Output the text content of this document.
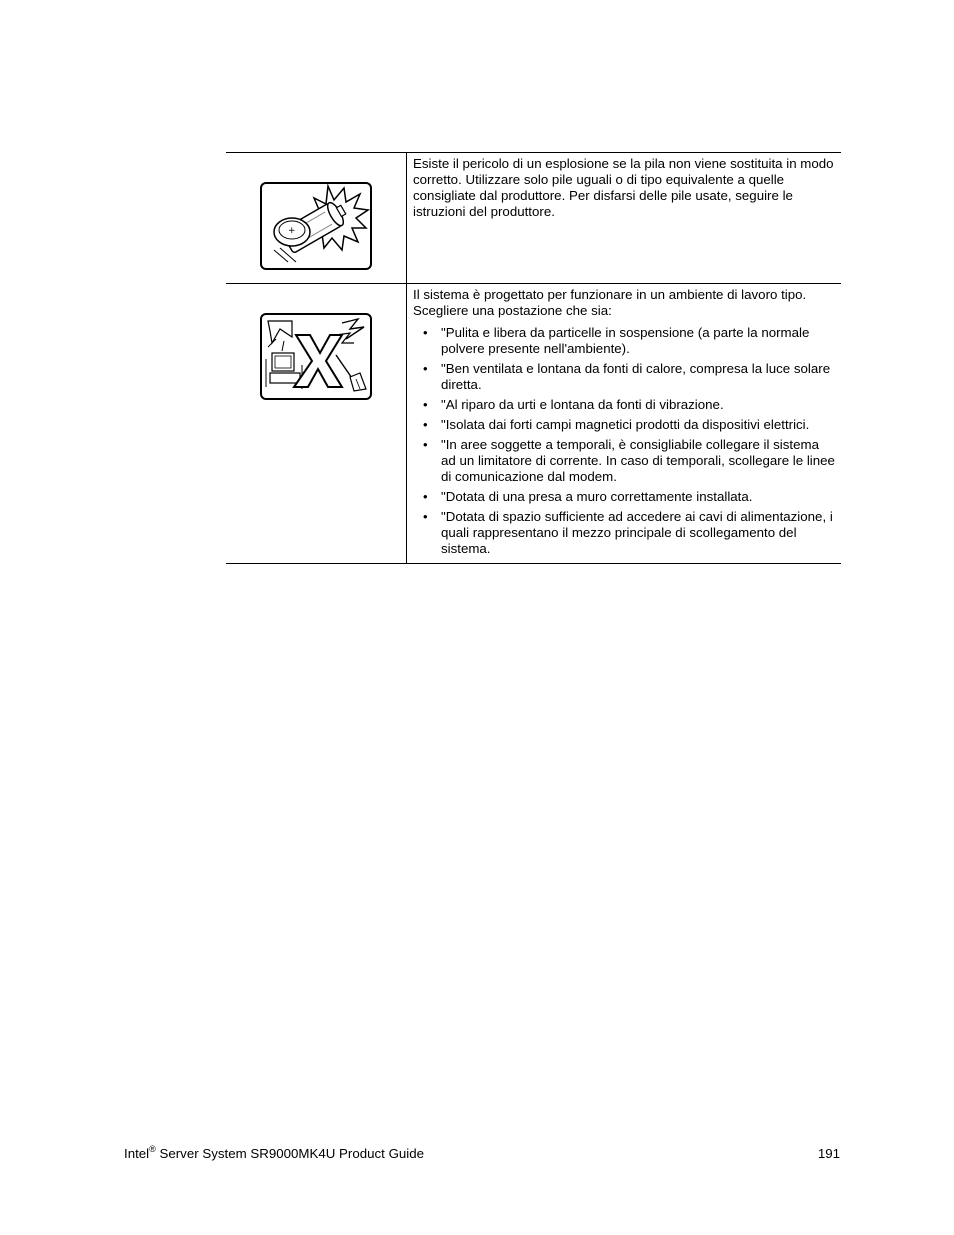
+

Esiste il pericolo di un esplosione se la pila non viene sostituita in modo corretto. Utilizzare solo pile uguali o di tipo equivalente a quelle consigliate dal produttore. Per disfarsi delle pile usate, seguire le istruzioni del produttore.

Il sistema è progettato per funzionare in un ambiente di lavoro tipo. Scegliere una postazione che sia:

• "Pulita e libera da particelle in sospensione (a parte la normale polvere presente nell'ambiente).
• "Ben ventilata e lontana da fonti di calore, compresa la luce solare diretta.
• "Al riparo da urti e lontana da fonti di vibrazione.
• "Isolata dai forti campi magnetici prodotti da dispositivi elettrici.
• "In aree soggette a temporali, è consigliabile collegare il sistema ad un limitatore di corrente. In caso di temporali, scollegare le linee di comunicazione dal modem.
• "Dotata di una presa a muro correttamente installata.
• "Dotata di spazio sufficiente ad accedere ai cavi di alimentazione, i quali rappresentano il mezzo principale di scollegamento del sistema.
Intel® Server System SR9000MK4U Product Guide	191
